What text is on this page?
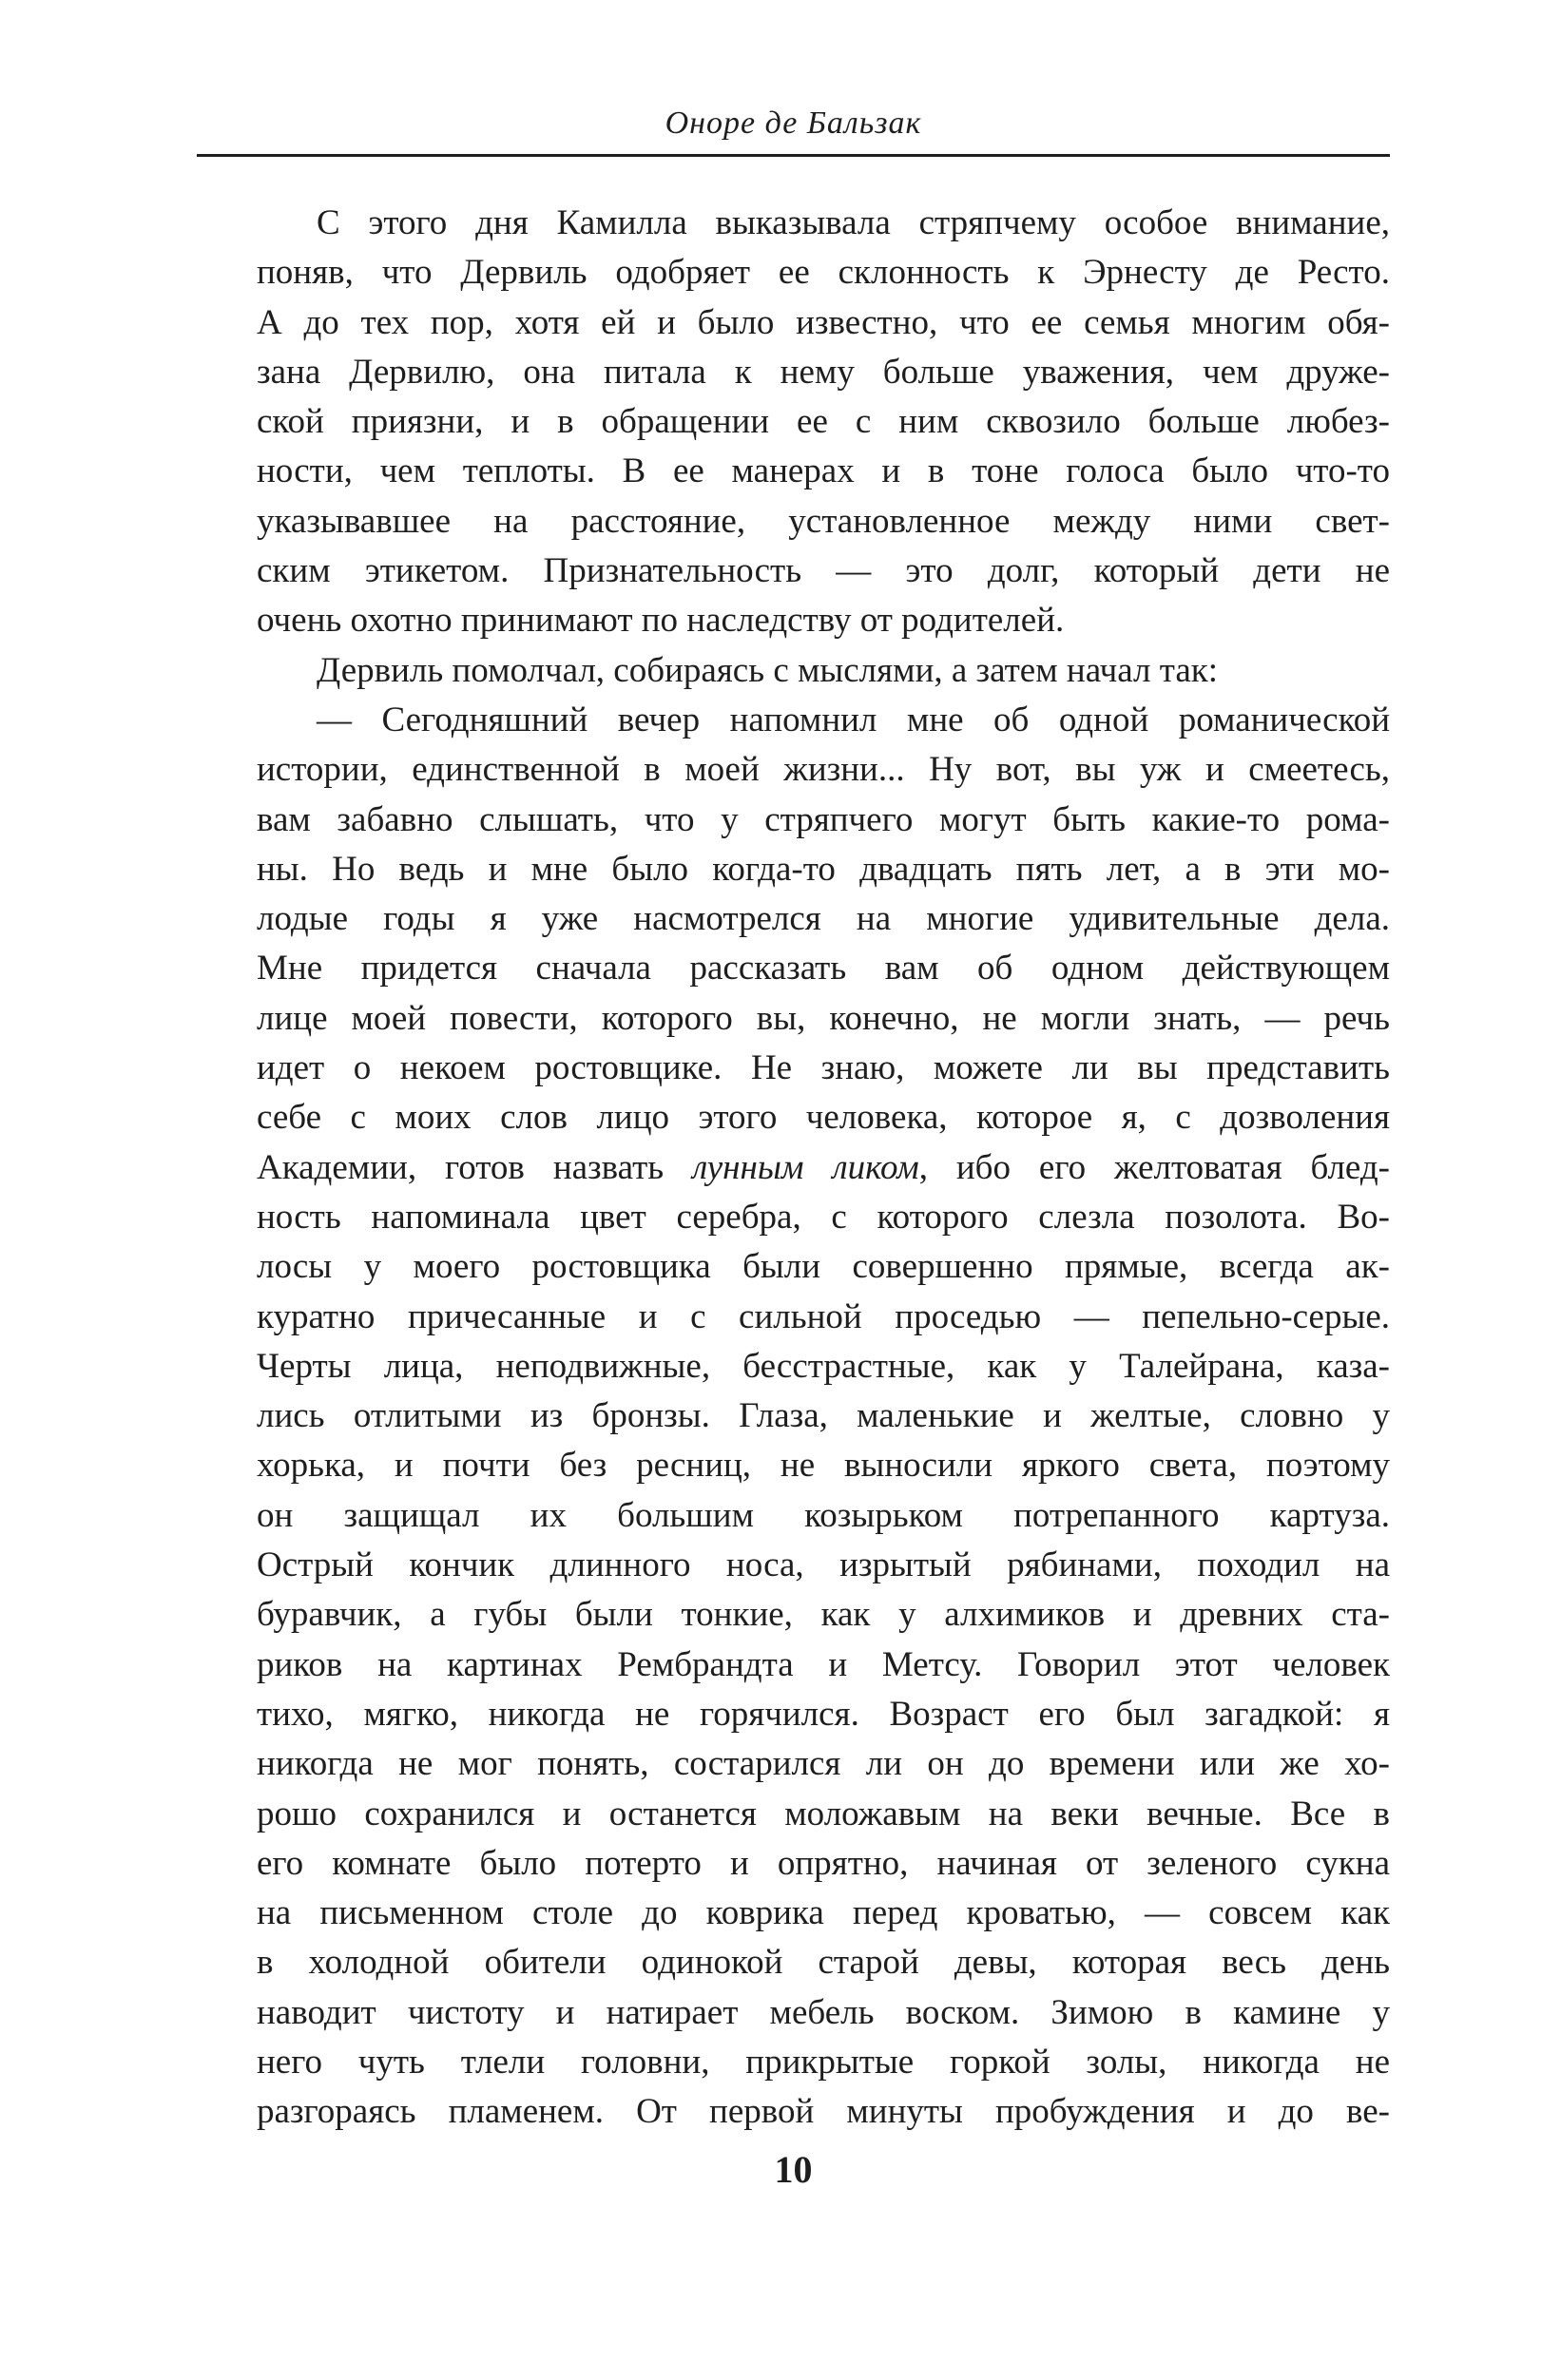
Оноре де Бальзак

С этого дня Камилла выказывала стряпчему особое внимание,
поняв, что Дервиль одобряет ее склонность к Эрнесту де Ресто.
А до тех пор, хотя ей и было известно, что ее семья многим обя-
зана Дервилю, она питала к нему больше уважения, чем друже-
ской приязни, и в обращении ее с ним сквозило больше любез-
ности, чем теплоты. В ее манерах и в тоне голоса было что-то
указывавшее на расстояние, установленное между ними свет-
ским этикетом. Признательность — это долг, который дети не
очень охотно принимают по наследству от родителей.

Дервиль помолчал, собираясь с мыслями, а затем начал так:

— Сегодняшний вечер напомнил мне об одной романической
истории, единственной в моей жизни... Ну вот, вы уж и смеетесь,
вам забавно слышать, что у стряпчего могут быть какие-то рома-
ны. Но ведь и мне было когда-то двадцать пять лет, а в эти мо-
лодые годы я уже насмотрелся на многие удивительные дела.
Мне придется сначала рассказать вам об одном действующем
лице моей повести, которого вы, конечно, не могли знать, — речь
идет о некоем ростовщике. Не знаю, можете ли вы представить
себе с моих слов лицо этого человека, которое я, с дозволения
Академии, готов назвать лунным ликом, ибо его желтоватая блед-
ность напоминала цвет серебра, с которого слезла позолота. Во-
лосы у моего ростовщика были совершенно прямые, всегда ак-
куратно причесанные и с сильной проседью — пепельно-серые.
Черты лица, неподвижные, бесстрастные, как у Талейрана, каза-
лись отлитыми из бронзы. Глаза, маленькие и желтые, словно у
хорька, и почти без ресниц, не выносили яркого света, поэтому
он защищал их большим козырьком потрепанного картуза.
Острый кончик длинного носа, изрытый рябинами, походил на
буравчик, а губы были тонкие, как у алхимиков и древних ста-
риков на картинах Рембрандта и Метсу. Говорил этот человек
тихо, мягко, никогда не горячился. Возраст его был загадкой: я
никогда не мог понять, состарился ли он до времени или же хо-
рошо сохранился и останется моложавым на веки вечные. Все в
его комнате было потерто и опрятно, начиная от зеленого сукна
на письменном столе до коврика перед кроватью, — совсем как
в холодной обители одинокой старой девы, которая весь день
наводит чистоту и натирает мебель воском. Зимою в камине у
него чуть тлели головни, прикрытые горкой золы, никогда не
разгораясь пламенем. От первой минуты пробуждения и до ве-

10
